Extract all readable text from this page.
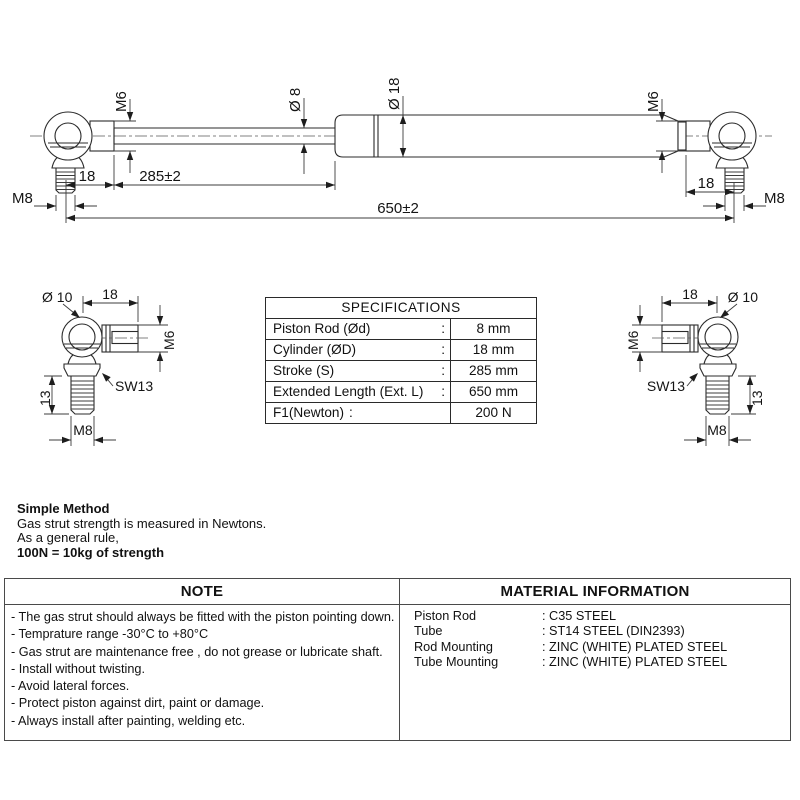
M6	Ø 8	Ø 18	M6
18	285±2	18
650±2
M8	M8
Ø 10 18
M6
SW13
13
M8
Ø 10
18
M6
SW13
13
M8
SPECIFICATIONS
Piston Rod (Ød)	:	8 mm
Cylinder (ØD)	:	18 mm
Stroke (S)	:	285 mm
Extended Length (Ext. L) :	650 mm
F1(Newton) :	200 N
Simple Method
Gas strut strength is measured in Newtons.
As a general rule,
100N = 10kg of strength
NOTE
- The gas strut should always be fitted with the piston pointing down.
- Temprature range -30°C to +80°C
- Gas strut are maintenance free , do not grease or lubricate shaft.
- Install without twisting.
- Avoid lateral forces.
- Protect piston against dirt, paint or damage.
- Always install after painting, welding etc.
MATERIAL INFORMATION
Piston Rod	: C35 STEEL
Tube	: ST14 STEEL (DIN2393)
Rod Mounting	: ZINC (WHITE) PLATED STEEL
Tube Mounting	: ZINC (WHITE) PLATED STEEL
